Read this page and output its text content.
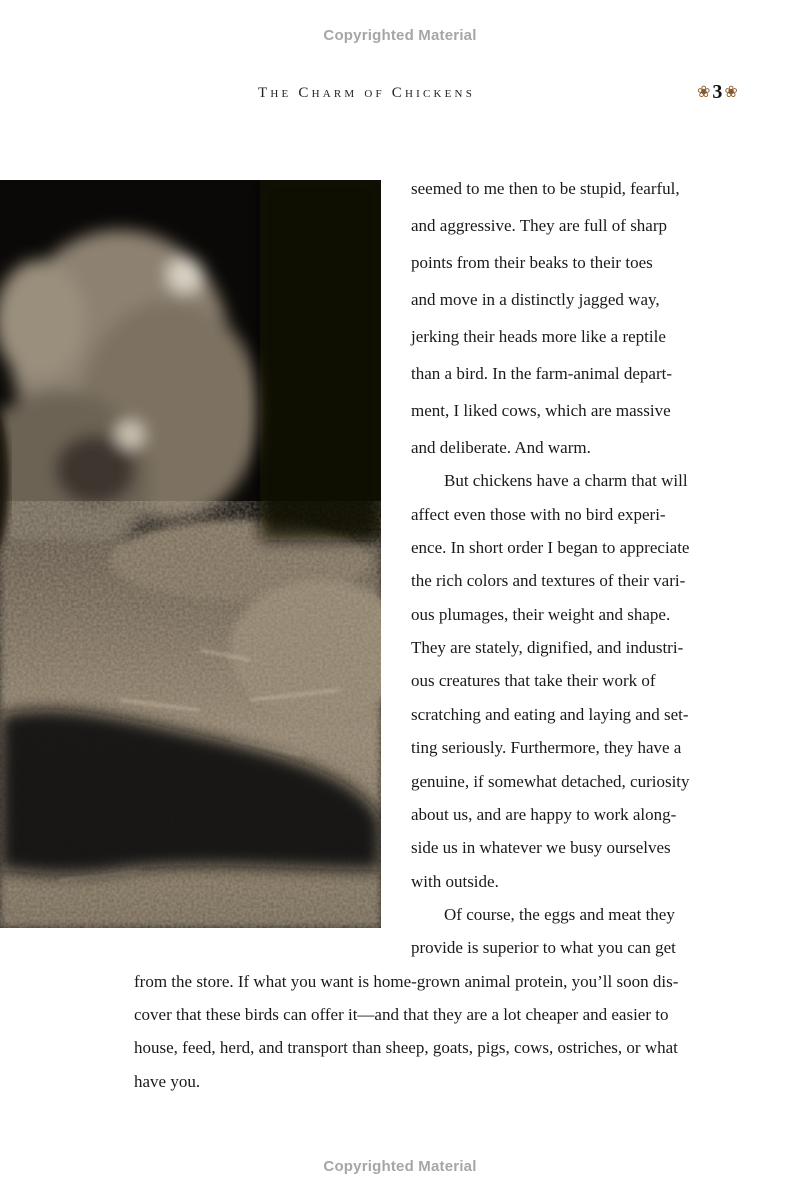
Copyrighted Material
The Charm of Chickens	❀ 3 ❀
seemed to me then to be stupid, fearful,
and aggressive. They are full of sharp
points from their beaks to their toes
and move in a distinctly jagged way,
jerking their heads more like a reptile
than a bird. In the farm-animal depart-
ment, I liked cows, which are massive
and deliberate. And warm.
But chickens have a charm that will
affect even those with no bird experi-
ence. In short order I began to appreciate
the rich colors and textures of their vari-
ous plumages, their weight and shape.
They are stately, dignified, and industri-
ous creatures that take their work of
scratching and eating and laying and set-
ting seriously. Furthermore, they have a
genuine, if somewhat detached, curiosity
about us, and are happy to work along-
side us in whatever we busy ourselves
with outside.
Of course, the eggs and meat they
provide is superior to what you can get
from the store. If what you want is home-grown animal protein, you’ll soon dis-
cover that these birds can offer it—and that they are a lot cheaper and easier to
house, feed, herd, and transport than sheep, goats, pigs, cows, ostriches, or what
have you.
Copyrighted Material
